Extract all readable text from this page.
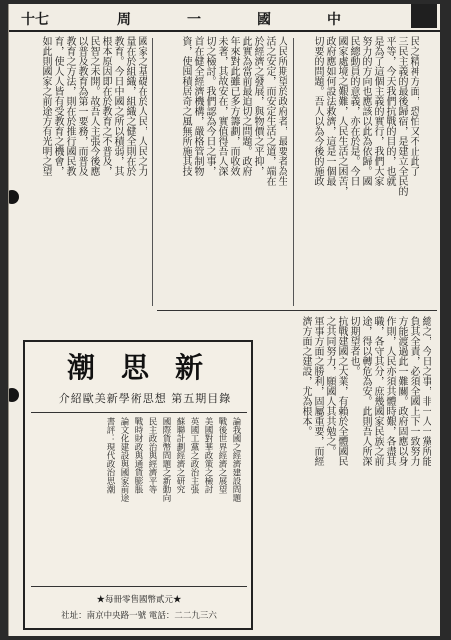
十七	中
國
一
周

民之精神方面，恐怕又不止此了

三民主義的最後歸宿，是建立全民的

平等，今天我們抗戰的目的，也就

是為了這個主義的實行，我們大家

努力的方向也應該以此為依歸。國

民總動員的意義，亦在於是。今日

國家處境之艱難，人民生活之困苦，

政府應如何設法救濟，這是一個最

切要的問題。吾人以為今後的施政

人民所期望於政府者，最要者為生

活之安定，而安定生活之道，端在

於經濟之發展，與物價之平抑，

此實為當前最迫切之問題。政府

年來對此雖已多方籌劃，而收效

未著，其故安在，實值得吾人深

切之檢討。我們認為今日之事，

首在健全經濟機構，嚴格管制物

資，使囤積居奇之風無所施其技

國家之基礎在於人民，人民之力

量在於組織，組織之健全則在於

教育。今日中國之所以積弱，其

根本原因即在於教育之不普及，

民智之未開。故吾人主張今後應

以普及教育為第一要務，而普及

教育之方法，則在於推行國民教

育，使人人皆有受教育之機會，

如此則國家之前途方有光明之望

總之，今日之事，非一人一黨所能

負其全責，必須全國上下一致努力

方能渡過此一難關。政府固應以身

作則，人民亦須共體時艱，各盡其

職，各守其分，庶幾國家民族之前

途，得以轉危為安。此則吾人所深

切期望者也。

抗戰建國之大業，有賴於全體國民

之共同努力，願國人其共勉之。

軍事方面之勝利，固屬重要，而經

濟方面之建設，尤為根本。

新
思
潮
介紹歐美新學術思想 第五期目錄

論我國之經濟建設問題

戰後世界經濟之展望

美國對華政策之檢討

英國工黨之政治主張

蘇聯計劃經濟之研究

國際貨幣問題之新動向

民主政治與經濟平等

戰時財政與通貨膨脹

論文化建設與國家前途

書評：現代政治思潮

★每冊零售國幣貳元★
社址：南京中央路一號 電話：二二九三六
